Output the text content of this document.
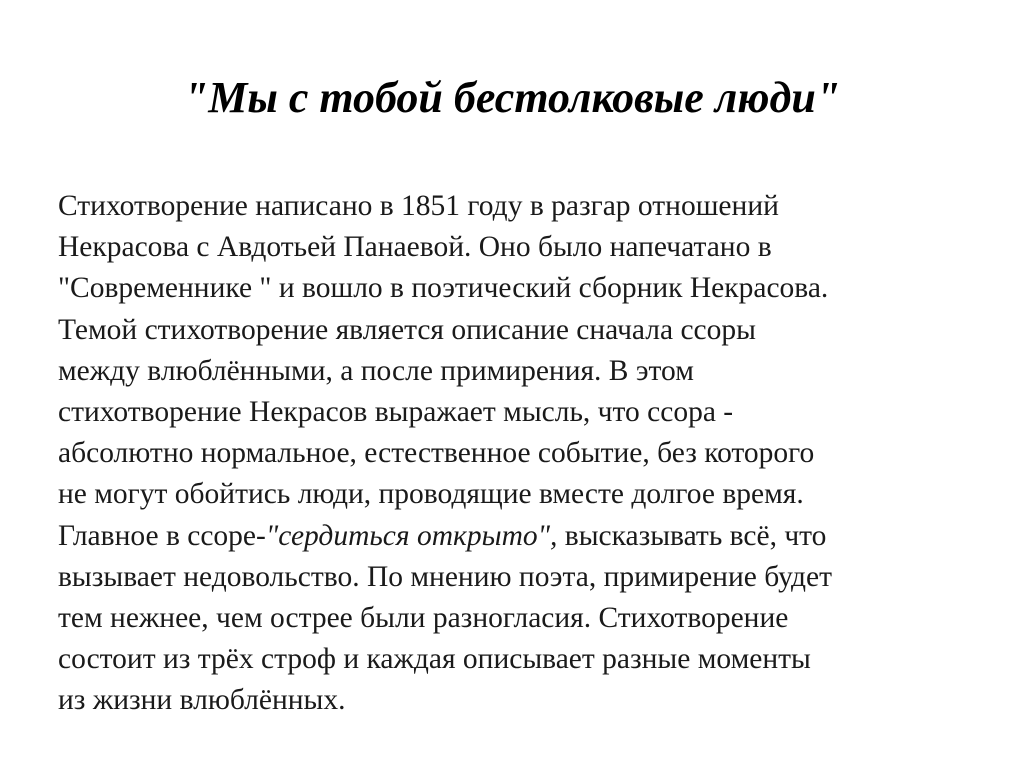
"Мы с тобой бестолковые люди"
Стихотворение написано в 1851 году в разгар отношений
Некрасова с Авдотьей Панаевой. Оно было напечатано в
"Современнике " и вошло в поэтический сборник Некрасова.
Темой стихотворение является описание сначала ссоры
между влюблёнными, а после примирения. В этом
стихотворение Некрасов выражает мысль, что ссора -
абсолютно нормальное, естественное событие, без которого
не могут обойтись люди, проводящие вместе долгое время.
Главное в ссоре-"сердиться открыто", высказывать всё, что
вызывает недовольство. По мнению поэта, примирение будет
тем нежнее, чем острее были разногласия. Стихотворение
состоит из трёх строф и каждая описывает разные моменты
из жизни влюблённых.
